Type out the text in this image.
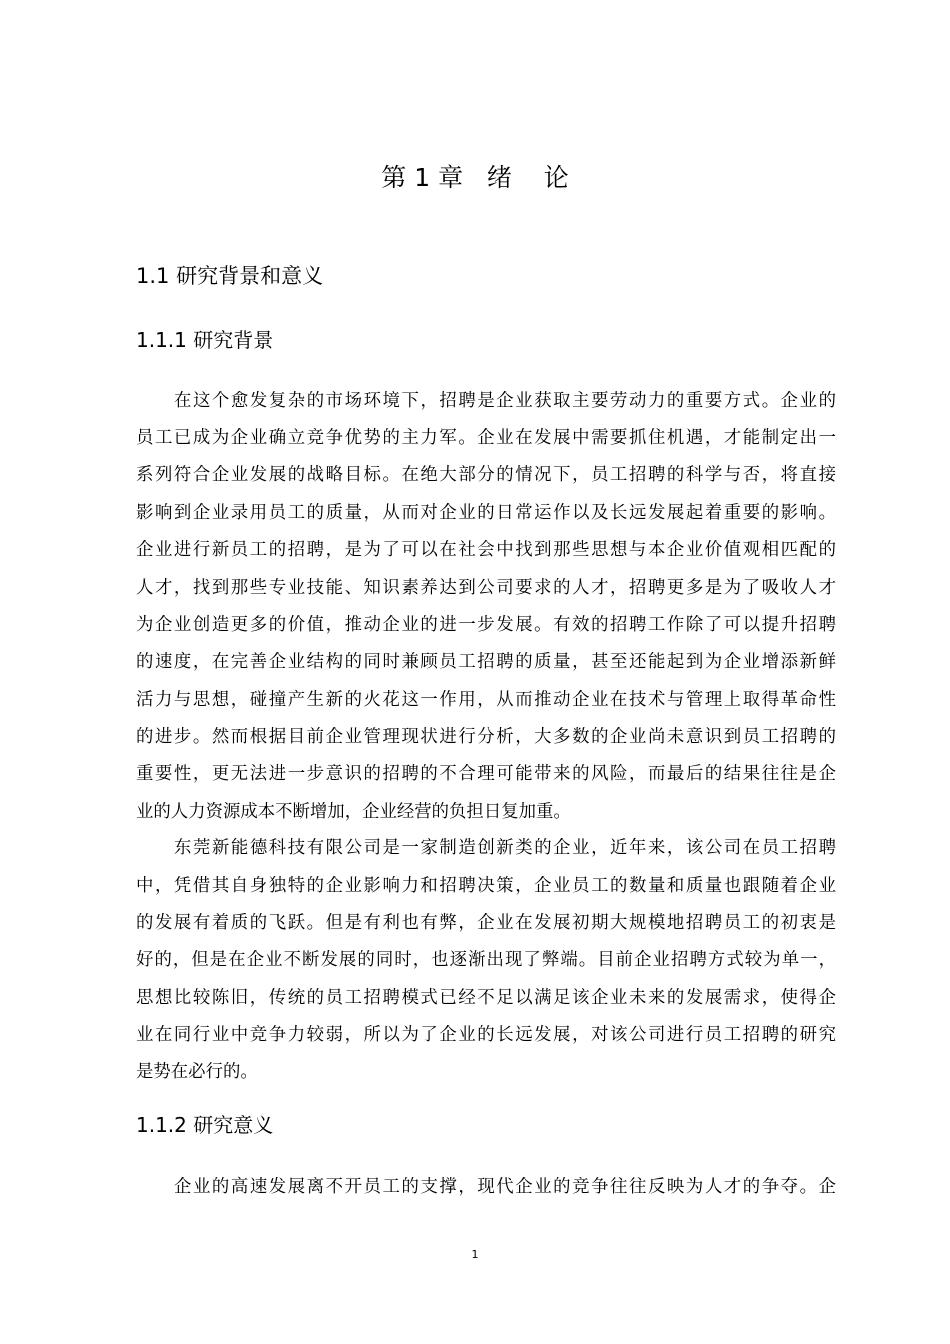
第 1 章   绪    论
1.1 研究背景和意义
1.1.1 研究背景
在这个愈发复杂的市场环境下，招聘是企业获取主要劳动力的重要方式。企业的
员工已成为企业确立竞争优势的主力军。企业在发展中需要抓住机遇，才能制定出一
系列符合企业发展的战略目标。在绝大部分的情况下，员工招聘的科学与否，将直接
影响到企业录用员工的质量，从而对企业的日常运作以及长远发展起着重要的影响。
企业进行新员工的招聘，是为了可以在社会中找到那些思想与本企业价值观相匹配的
人才，找到那些专业技能、知识素养达到公司要求的人才，招聘更多是为了吸收人才
为企业创造更多的价值，推动企业的进一步发展。有效的招聘工作除了可以提升招聘
的速度，在完善企业结构的同时兼顾员工招聘的质量，甚至还能起到为企业增添新鲜
活力与思想，碰撞产生新的火花这一作用，从而推动企业在技术与管理上取得革命性
的进步。然而根据目前企业管理现状进行分析，大多数的企业尚未意识到员工招聘的
重要性，更无法进一步意识的招聘的不合理可能带来的风险，而最后的结果往往是企
业的人力资源成本不断增加，企业经营的负担日复加重。
东莞新能德科技有限公司是一家制造创新类的企业，近年来，该公司在员工招聘
中，凭借其自身独特的企业影响力和招聘决策，企业员工的数量和质量也跟随着企业
的发展有着质的飞跃。但是有利也有弊，企业在发展初期大规模地招聘员工的初衷是
好的，但是在企业不断发展的同时，也逐渐出现了弊端。目前企业招聘方式较为单一，
思想比较陈旧，传统的员工招聘模式已经不足以满足该企业未来的发展需求，使得企
业在同行业中竞争力较弱，所以为了企业的长远发展，对该公司进行员工招聘的研究
是势在必行的。
1.1.2 研究意义
企业的高速发展离不开员工的支撑，现代企业的竞争往往反映为人才的争夺。企
1
